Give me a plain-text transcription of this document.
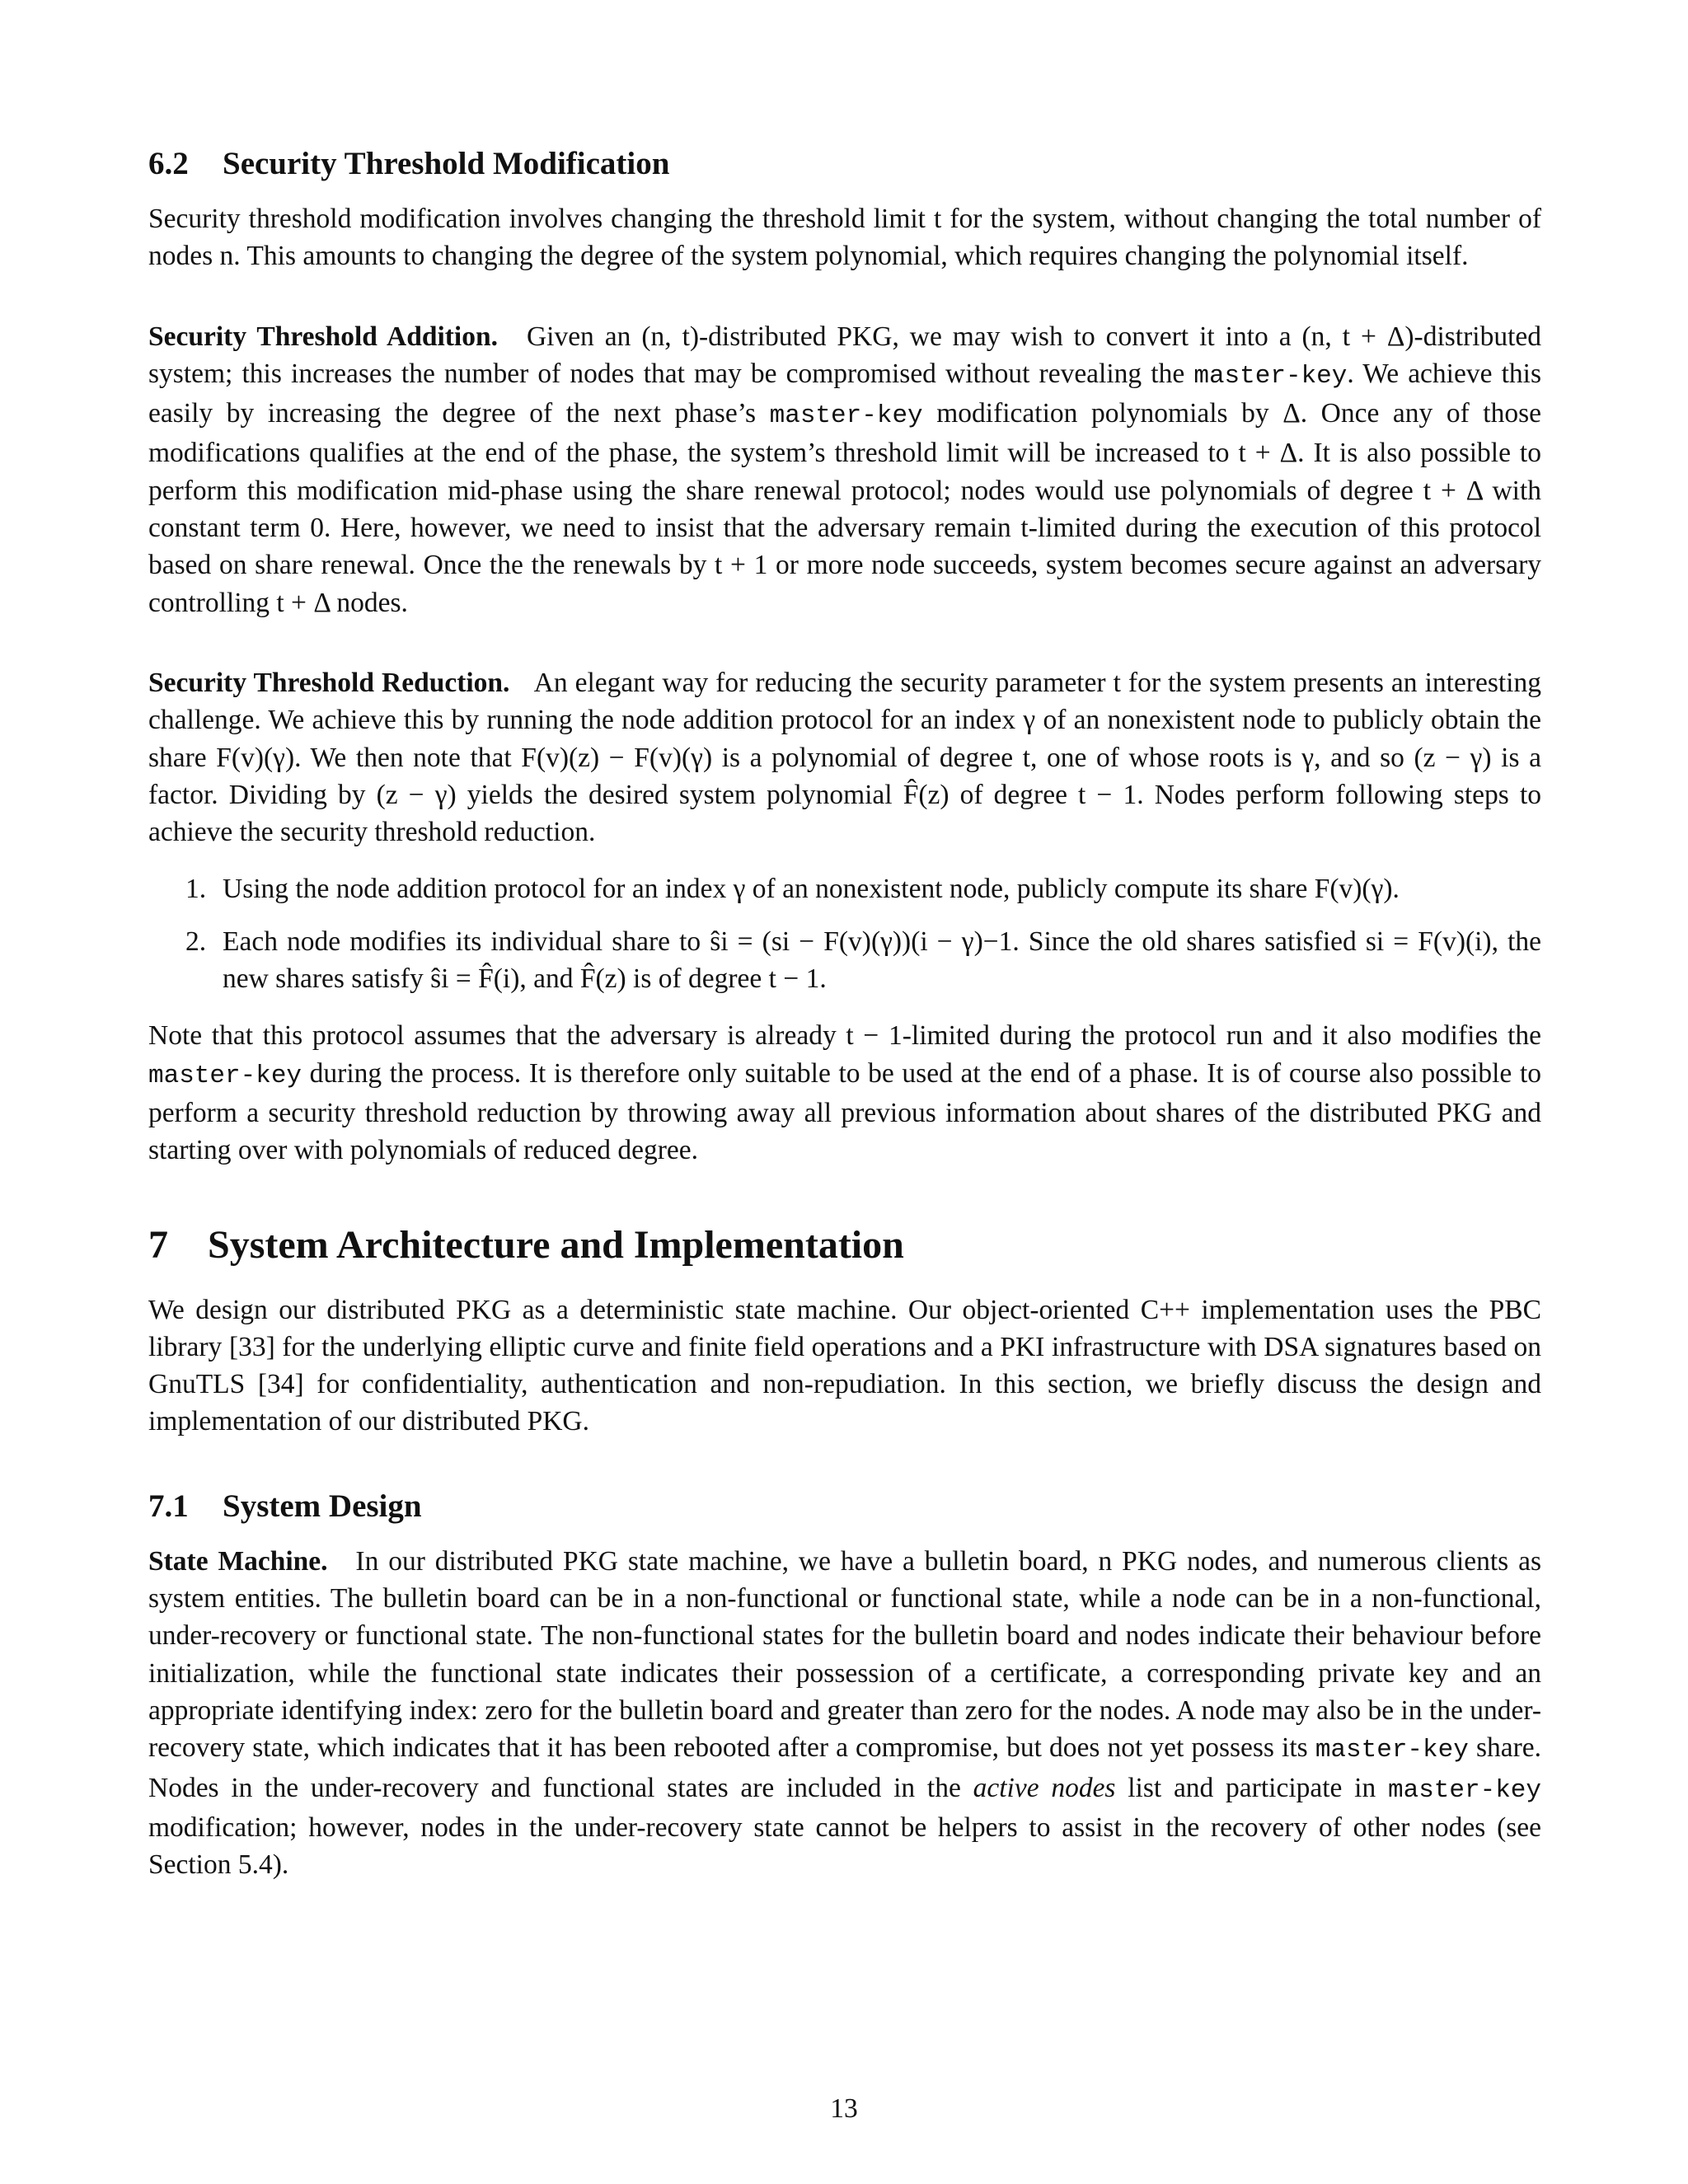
6.2 Security Threshold Modification

Security threshold modification involves changing the threshold limit t for the system, without changing the total number of nodes n. This amounts to changing the degree of the system polynomial, which requires changing the polynomial itself.

Security Threshold Addition. Given an (n, t)-distributed PKG, we may wish to convert it into a (n, t + Δ)-distributed system; this increases the number of nodes that may be compromised without revealing the master-key. We achieve this easily by increasing the degree of the next phase’s master-key modification polynomials by Δ. Once any of those modifications qualifies at the end of the phase, the system’s threshold limit will be increased to t + Δ. It is also possible to perform this modification mid-phase using the share renewal protocol; nodes would use polynomials of degree t + Δ with constant term 0. Here, however, we need to insist that the adversary remain t-limited during the execution of this protocol based on share renewal. Once the the renewals by t + 1 or more node succeeds, system becomes secure against an adversary controlling t + Δ nodes.

Security Threshold Reduction. An elegant way for reducing the security parameter t for the system presents an interesting challenge. We achieve this by running the node addition protocol for an index γ of an nonexistent node to publicly obtain the share F(v)(γ). We then note that F(v)(z) − F(v)(γ) is a polynomial of degree t, one of whose roots is γ, and so (z − γ) is a factor. Dividing by (z − γ) yields the desired system polynomial F̂(z) of degree t − 1. Nodes perform following steps to achieve the security threshold reduction.

1. Using the node addition protocol for an index γ of an nonexistent node, publicly compute its share F(v)(γ).
2. Each node modifies its individual share to ŝi = (si − F(v)(γ))(i − γ)−1. Since the old shares satisfied si = F(v)(i), the new shares satisfy ŝi = F̂(i), and F̂(z) is of degree t − 1.

Note that this protocol assumes that the adversary is already t − 1-limited during the protocol run and it also modifies the master-key during the process. It is therefore only suitable to be used at the end of a phase. It is of course also possible to perform a security threshold reduction by throwing away all previous information about shares of the distributed PKG and starting over with polynomials of reduced degree.

7 System Architecture and Implementation

We design our distributed PKG as a deterministic state machine. Our object-oriented C++ implementation uses the PBC library [33] for the underlying elliptic curve and finite field operations and a PKI infrastructure with DSA signatures based on GnuTLS [34] for confidentiality, authentication and non-repudiation. In this section, we briefly discuss the design and implementation of our distributed PKG.

7.1 System Design

State Machine. In our distributed PKG state machine, we have a bulletin board, n PKG nodes, and numerous clients as system entities. The bulletin board can be in a non-functional or functional state, while a node can be in a non-functional, under-recovery or functional state. The non-functional states for the bulletin board and nodes indicate their behaviour before initialization, while the functional state indicates their possession of a certificate, a corresponding private key and an appropriate identifying index: zero for the bulletin board and greater than zero for the nodes. A node may also be in the under-recovery state, which indicates that it has been rebooted after a compromise, but does not yet possess its master-key share. Nodes in the under-recovery and functional states are included in the active nodes list and participate in master-key modification; however, nodes in the under-recovery state cannot be helpers to assist in the recovery of other nodes (see Section 5.4).

13
